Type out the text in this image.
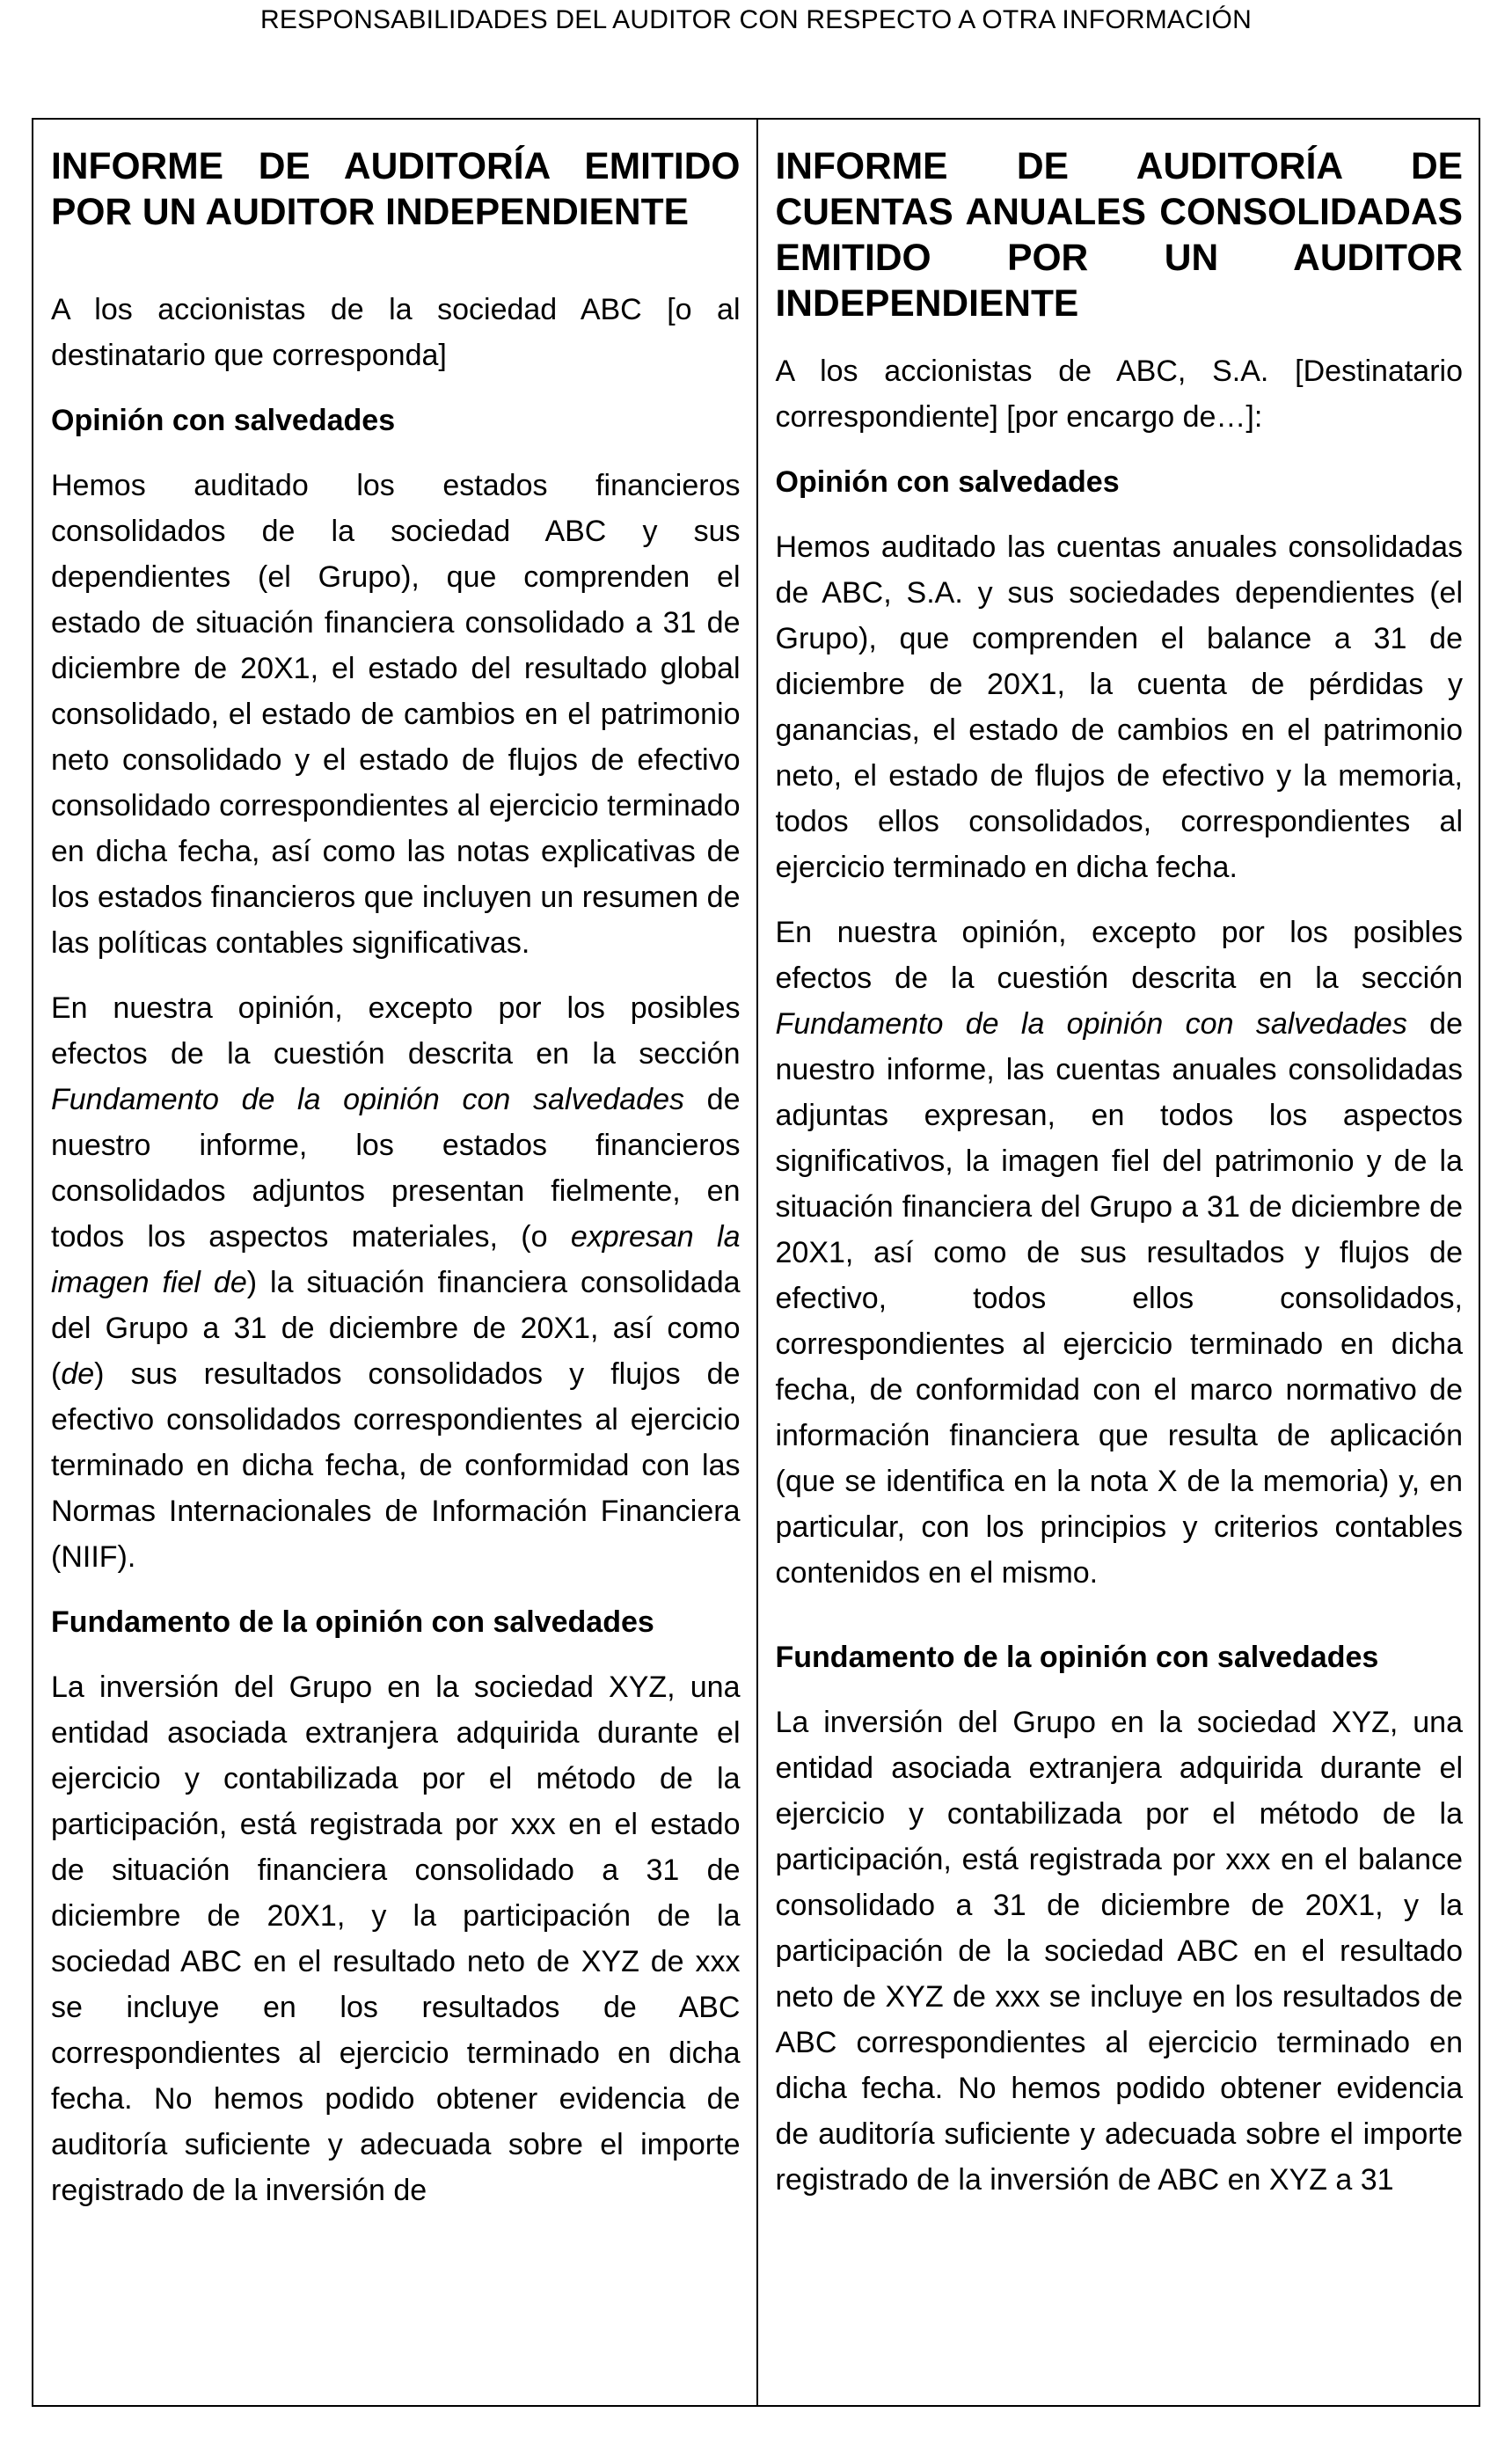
RESPONSABILIDADES DEL AUDITOR CON RESPECTO A OTRA INFORMACIÓN
INFORME DE AUDITORÍA EMITIDO POR UN AUDITOR INDEPENDIENTE

A los accionistas de la sociedad ABC [o al destinatario que corresponda]

Opinión con salvedades

Hemos auditado los estados financieros consolidados de la sociedad ABC y sus dependientes (el Grupo), que comprenden el estado de situación financiera consolidado a 31 de diciembre de 20X1, el estado del resultado global consolidado, el estado de cambios en el patrimonio neto consolidado y el estado de flujos de efectivo consolidado correspondientes al ejercicio terminado en dicha fecha, así como las notas explicativas de los estados financieros que incluyen un resumen de las políticas contables significativas.

En nuestra opinión, excepto por los posibles efectos de la cuestión descrita en la sección Fundamento de la opinión con salvedades de nuestro informe, los estados financieros consolidados adjuntos presentan fielmente, en todos los aspectos materiales, (o expresan la imagen fiel de) la situación financiera consolidada del Grupo a 31 de diciembre de 20X1, así como (de) sus resultados consolidados y flujos de efectivo consolidados correspondientes al ejercicio terminado en dicha fecha, de conformidad con las Normas Internacionales de Información Financiera (NIIF).

Fundamento de la opinión con salvedades

La inversión del Grupo en la sociedad XYZ, una entidad asociada extranjera adquirida durante el ejercicio y contabilizada por el método de la participación, está registrada por xxx en el estado de situación financiera consolidado a 31 de diciembre de 20X1, y la participación de la sociedad ABC en el resultado neto de XYZ de xxx se incluye en los resultados de ABC correspondientes al ejercicio terminado en dicha fecha. No hemos podido obtener evidencia de auditoría suficiente y adecuada sobre el importe registrado de la inversión de

INFORME DE AUDITORÍA DE CUENTAS ANUALES CONSOLIDADAS EMITIDO POR UN AUDITOR INDEPENDIENTE

A los accionistas de ABC, S.A. [Destinatario correspondiente] [por encargo de…]:

Opinión con salvedades

Hemos auditado las cuentas anuales consolidadas de ABC, S.A. y sus sociedades dependientes (el Grupo), que comprenden el balance a 31 de diciembre de 20X1, la cuenta de pérdidas y ganancias, el estado de cambios en el patrimonio neto, el estado de flujos de efectivo y la memoria, todos ellos consolidados, correspondientes al ejercicio terminado en dicha fecha.

En nuestra opinión, excepto por los posibles efectos de la cuestión descrita en la sección Fundamento de la opinión con salvedades de nuestro informe, las cuentas anuales consolidadas adjuntas expresan, en todos los aspectos significativos, la imagen fiel del patrimonio y de la situación financiera del Grupo a 31 de diciembre de 20X1, así como de sus resultados y flujos de efectivo, todos ellos consolidados, correspondientes al ejercicio terminado en dicha fecha, de conformidad con el marco normativo de información financiera que resulta de aplicación (que se identifica en la nota X de la memoria) y, en particular, con los principios y criterios contables contenidos en el mismo.

Fundamento de la opinión con salvedades

La inversión del Grupo en la sociedad XYZ, una entidad asociada extranjera adquirida durante el ejercicio y contabilizada por el método de la participación, está registrada por xxx en el balance consolidado a 31 de diciembre de 20X1, y la participación de la sociedad ABC en el resultado neto de XYZ de xxx se incluye en los resultados de ABC correspondientes al ejercicio terminado en dicha fecha. No hemos podido obtener evidencia de auditoría suficiente y adecuada sobre el importe registrado de la inversión de ABC en XYZ a 31
